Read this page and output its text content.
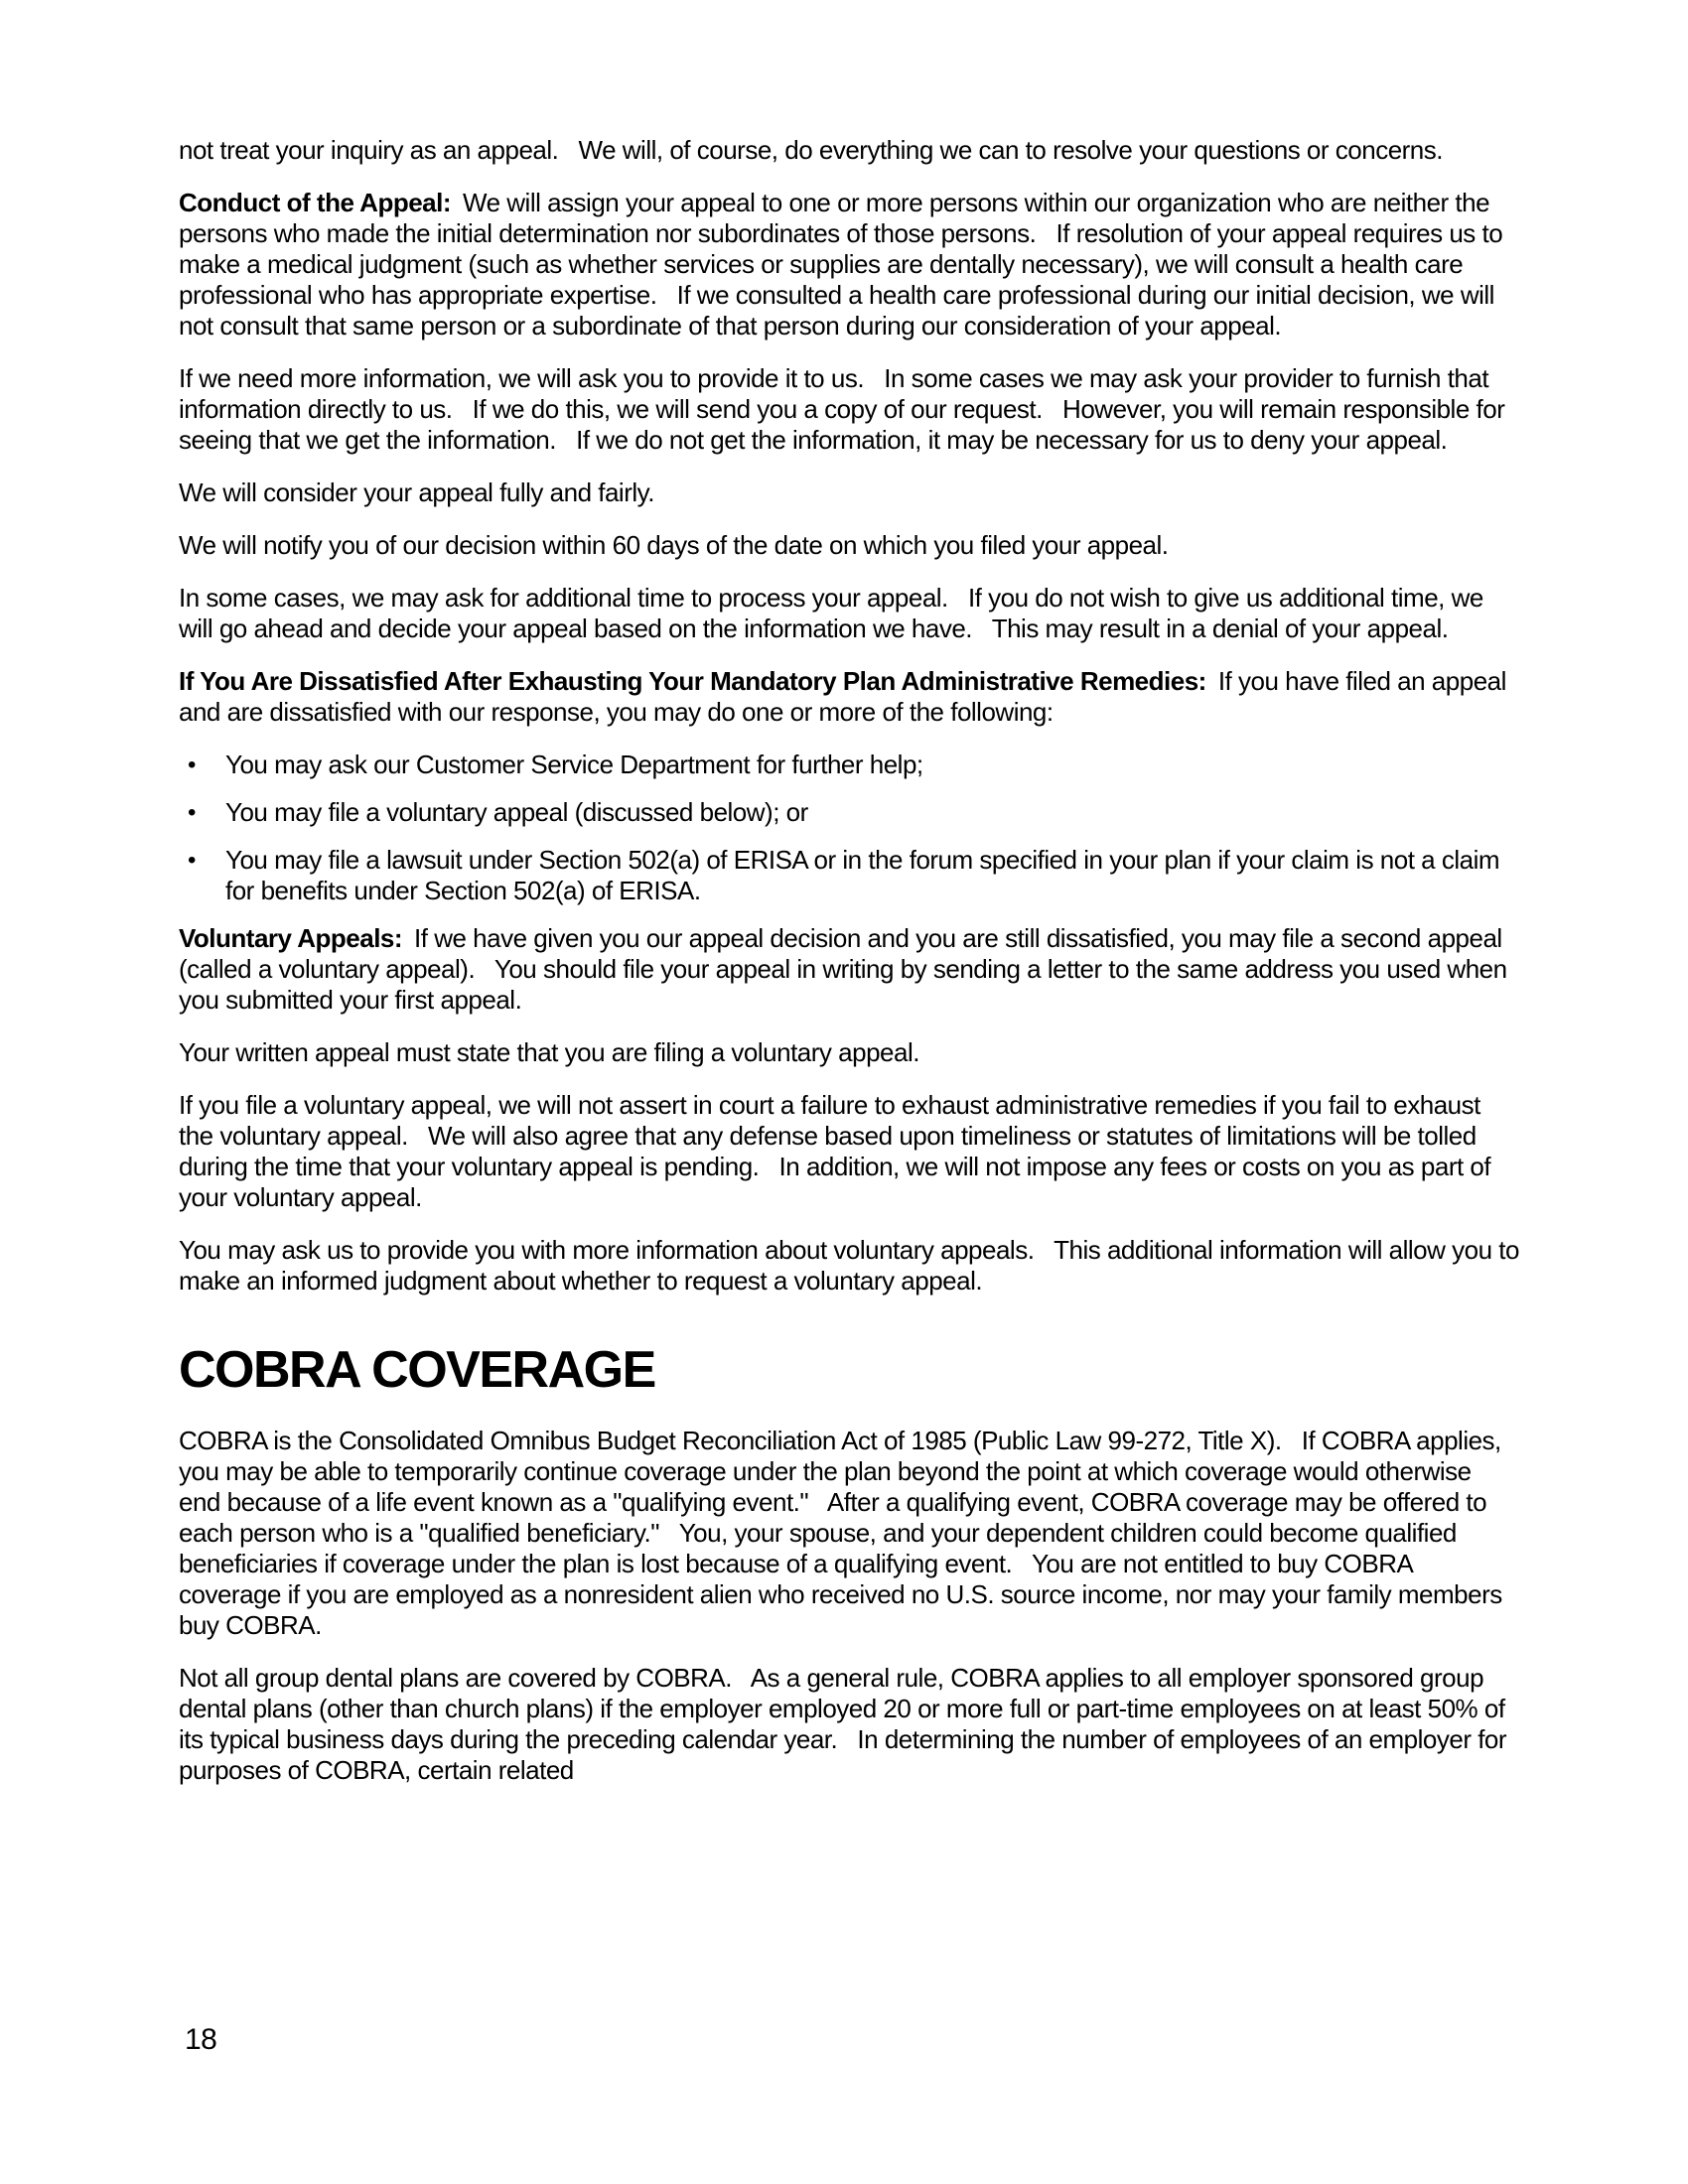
not treat your inquiry as an appeal.   We will, of course, do everything we can to resolve your questions or concerns.

Conduct of the Appeal: We will assign your appeal to one or more persons within our organization who are neither the persons who made the initial determination nor subordinates of those persons.   If resolution of your appeal requires us to make a medical judgment (such as whether services or supplies are dentally necessary), we will consult a health care professional who has appropriate expertise.   If we consulted a health care professional during our initial decision, we will not consult that same person or a subordinate of that person during our consideration of your appeal.

If we need more information, we will ask you to provide it to us.   In some cases we may ask your provider to furnish that information directly to us.   If we do this, we will send you a copy of our request.   However, you will remain responsible for seeing that we get the information.   If we do not get the information, it may be necessary for us to deny your appeal.

We will consider your appeal fully and fairly.

We will notify you of our decision within 60 days of the date on which you filed your appeal.

In some cases, we may ask for additional time to process your appeal.   If you do not wish to give us additional time, we will go ahead and decide your appeal based on the information we have.   This may result in a denial of your appeal.

If You Are Dissatisfied After Exhausting Your Mandatory Plan Administrative Remedies: If you have filed an appeal and are dissatisfied with our response, you may do one or more of the following:

•	You may ask our Customer Service Department for further help;
•	You may file a voluntary appeal (discussed below); or
•	You may file a lawsuit under Section 502(a) of ERISA or in the forum specified in your plan if your claim is not a claim for benefits under Section 502(a) of ERISA.

Voluntary Appeals: If we have given you our appeal decision and you are still dissatisfied, you may file a second appeal (called a voluntary appeal).   You should file your appeal in writing by sending a letter to the same address you used when you submitted your first appeal.

Your written appeal must state that you are filing a voluntary appeal.

If you file a voluntary appeal, we will not assert in court a failure to exhaust administrative remedies if you fail to exhaust the voluntary appeal.   We will also agree that any defense based upon timeliness or statutes of limitations will be tolled during the time that your voluntary appeal is pending.   In addition, we will not impose any fees or costs on you as part of your voluntary appeal.

You may ask us to provide you with more information about voluntary appeals.   This additional information will allow you to make an informed judgment about whether to request a voluntary appeal.

COBRA COVERAGE

COBRA is the Consolidated Omnibus Budget Reconciliation Act of 1985 (Public Law 99-272, Title X).   If COBRA applies, you may be able to temporarily continue coverage under the plan beyond the point at which coverage would otherwise end because of a life event known as a "qualifying event."   After a qualifying event, COBRA coverage may be offered to each person who is a "qualified beneficiary."   You, your spouse, and your dependent children could become qualified beneficiaries if coverage under the plan is lost because of a qualifying event.   You are not entitled to buy COBRA coverage if you are employed as a nonresident alien who received no U.S. source income, nor may your family members buy COBRA.

Not all group dental plans are covered by COBRA.   As a general rule, COBRA applies to all employer sponsored group dental plans (other than church plans) if the employer employed 20 or more full or part-time employees on at least 50% of its typical business days during the preceding calendar year.   In determining the number of employees of an employer for purposes of COBRA, certain related

18
